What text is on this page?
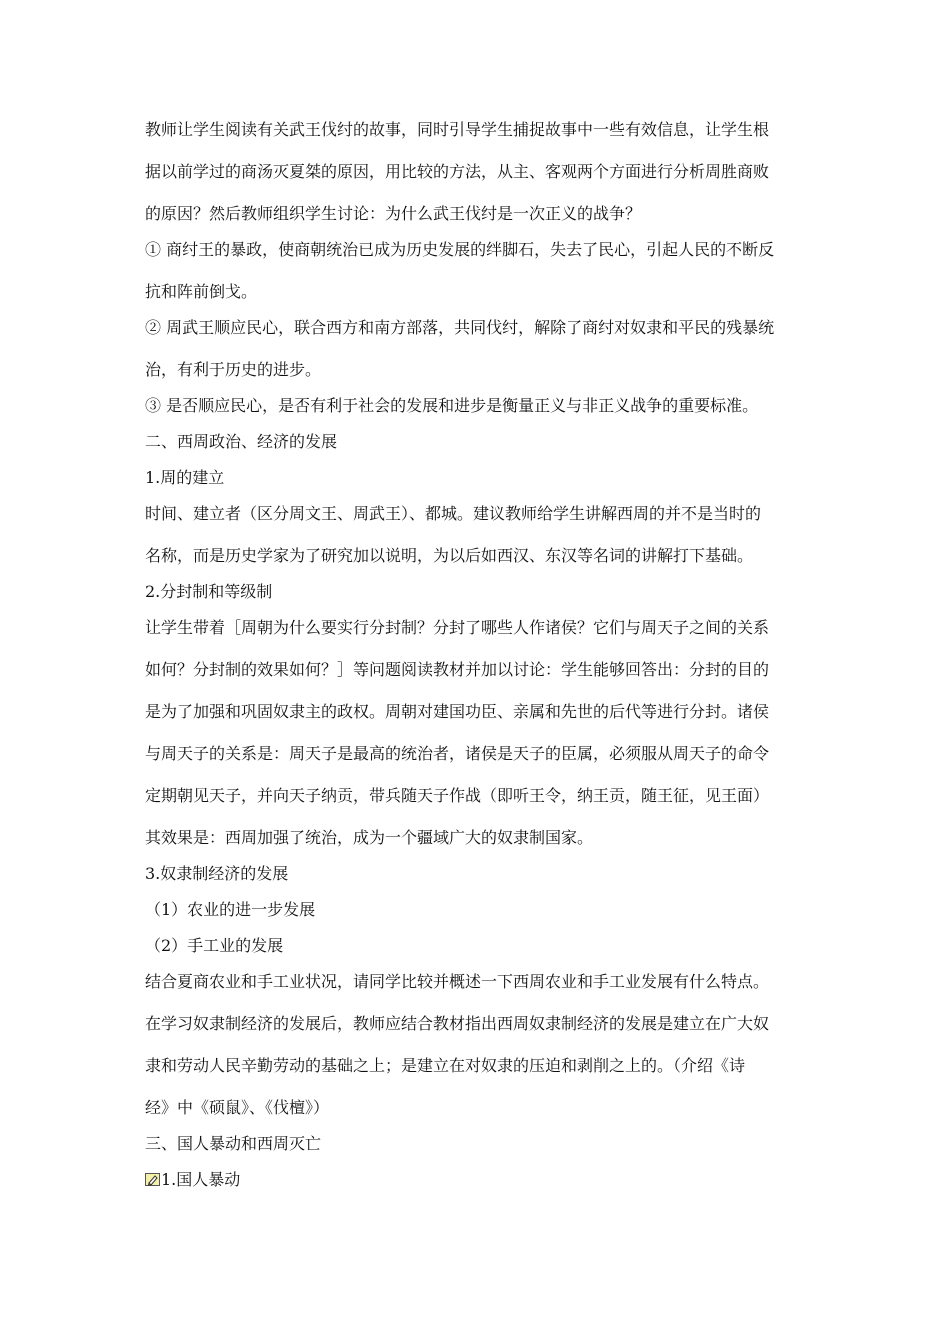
教师让学生阅读有关武王伐纣的故事，同时引导学生捕捉故事中一些有效信息，让学生根

据以前学过的商汤灭夏桀的原因，用比较的方法，从主、客观两个方面进行分析周胜商败

的原因？然后教师组织学生讨论：为什么武王伐纣是一次正义的战争？

① 商纣王的暴政，使商朝统治已成为历史发展的绊脚石，失去了民心，引起人民的不断反

抗和阵前倒戈。

② 周武王顺应民心，联合西方和南方部落，共同伐纣，解除了商纣对奴隶和平民的残暴统

治，有利于历史的进步。

③ 是否顺应民心，是否有利于社会的发展和进步是衡量正义与非正义战争的重要标准。

二、西周政治、经济的发展

1.周的建立

时间、建立者（区分周文王、周武王）、都城。建议教师给学生讲解西周的并不是当时的

名称，而是历史学家为了研究加以说明，为以后如西汉、东汉等名词的讲解打下基础。

2.分封制和等级制

让学生带着［周朝为什么要实行分封制？分封了哪些人作诸侯？它们与周天子之间的关系

如何？分封制的效果如何？］等问题阅读教材并加以讨论：学生能够回答出：分封的目的

是为了加强和巩固奴隶主的政权。周朝对建国功臣、亲属和先世的后代等进行分封。诸侯

与周天子的关系是：周天子是最高的统治者，诸侯是天子的臣属，必须服从周天子的命令

定期朝见天子，并向天子纳贡，带兵随天子作战（即听王令，纳王贡，随王征，见王面）

其效果是：西周加强了统治，成为一个疆域广大的奴隶制国家。

3.奴隶制经济的发展

（1）农业的进一步发展

（2）手工业的发展

结合夏商农业和手工业状况，请同学比较并概述一下西周农业和手工业发展有什么特点。

在学习奴隶制经济的发展后，教师应结合教材指出西周奴隶制经济的发展是建立在广大奴

隶和劳动人民辛勤劳动的基础之上；是建立在对奴隶的压迫和剥削之上的。（介绍《诗

经》中《硕鼠》、《伐檀》）

三、国人暴动和西周灭亡

1.国人暴动
